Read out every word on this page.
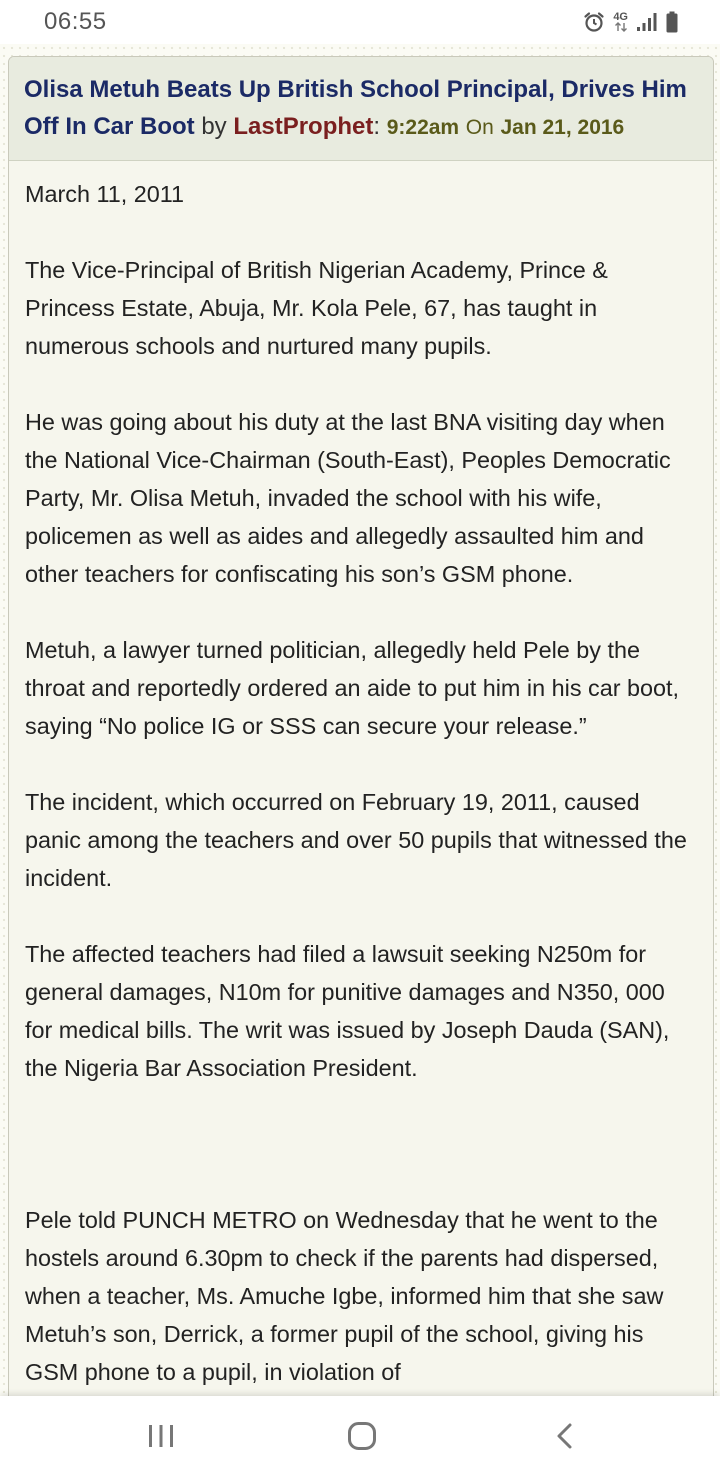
06:55	4G
Olisa Metuh Beats Up British School Principal, Drives Him Off In Car Boot by LastProphet: 9:22am On Jan 21, 2016

March 11, 2011

The Vice-Principal of British Nigerian Academy, Prince & Princess Estate, Abuja, Mr. Kola Pele, 67, has taught in numerous schools and nurtured many pupils.

He was going about his duty at the last BNA visiting day when the National Vice-Chairman (South-East), Peoples Democratic Party, Mr. Olisa Metuh, invaded the school with his wife, policemen as well as aides and allegedly assaulted him and other teachers for confiscating his son’s GSM phone.

Metuh, a lawyer turned politician, allegedly held Pele by the throat and reportedly ordered an aide to put him in his car boot, saying “No police IG or SSS can secure your release.”

The incident, which occurred on February 19, 2011, caused panic among the teachers and over 50 pupils that witnessed the incident.

The affected teachers had filed a lawsuit seeking N250m for general damages, N10m for punitive damages and N350, 000 for medical bills. The writ was issued by Joseph Dauda (SAN), the Nigeria Bar Association President.

Pele told PUNCH METRO on Wednesday that he went to the hostels around 6.30pm to check if the parents had dispersed, when a teacher, Ms. Amuche Igbe, informed him that she saw Metuh’s son, Derrick, a former pupil of the school, giving his GSM phone to a pupil, in violation of
